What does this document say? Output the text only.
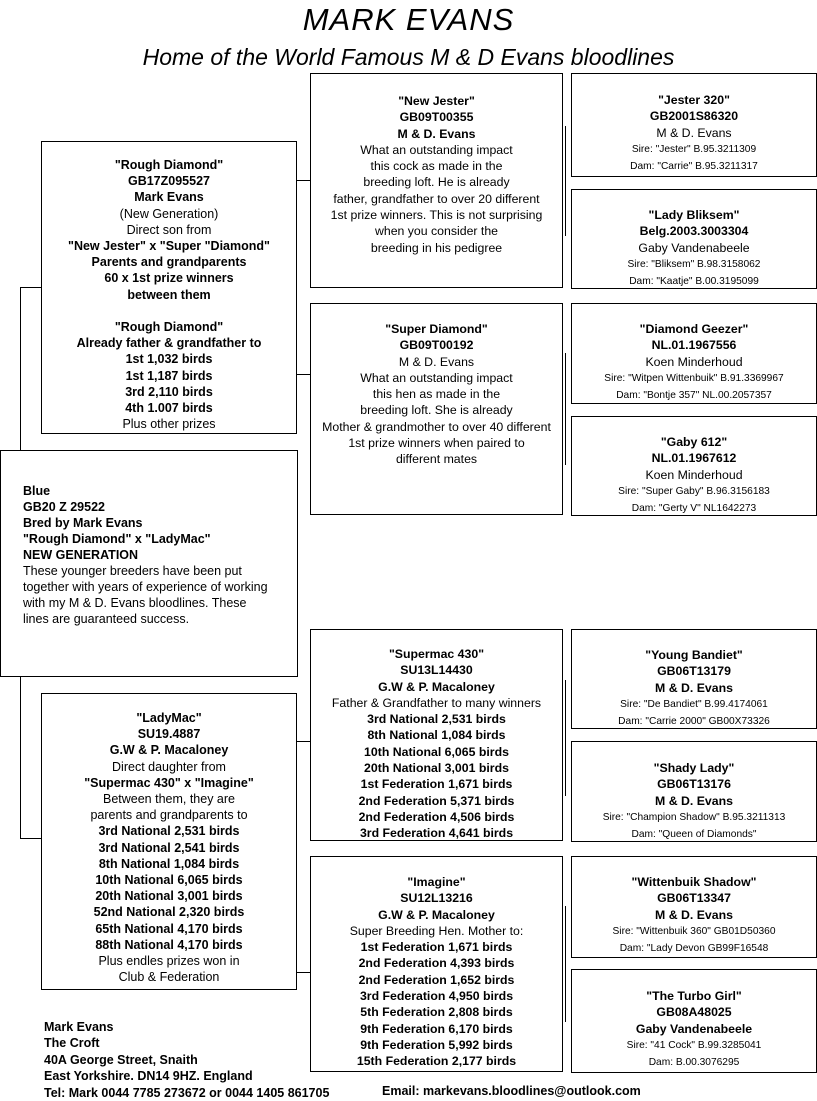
MARK EVANS
Home of the World Famous M & D Evans bloodlines
Blue
GB20 Z 29522
Bred by Mark Evans
"Rough Diamond" x "LadyMac"
NEW GENERATION
These younger breeders have been put
together with years of experience of working
with my M & D. Evans bloodlines. These
lines are guaranteed success.
"Rough Diamond"
GB17Z095527
Mark Evans
(New Generation)
Direct son from
"New Jester" x "Super "Diamond"
Parents and grandparents
60 x 1st prize winners
between them

"Rough Diamond"
Already father & grandfather to
1st 1,032 birds
1st 1,187 birds
3rd 2,110 birds
4th 1.007 birds
Plus other prizes
"LadyMac"
SU19.4887
G.W & P. Macaloney
Direct daughter from
"Supermac 430" x "Imagine"
Between them, they are
parents and grandparents to
3rd National 2,531 birds
3rd National 2,541 birds
8th National 1,084 birds
10th National 6,065 birds
20th National 3,001 birds
52nd National 2,320 birds
65th National 4,170 birds
88th National 4,170 birds
Plus endles prizes won in
Club & Federation
"New Jester"
GB09T00355
M & D. Evans
What an outstanding impact
this cock as made in the
breeding loft. He is already
father, grandfather to over 20 different
1st prize winners. This is not surprising
when you consider the
breeding in his pedigree
"Super Diamond"
GB09T00192
M & D. Evans
What an outstanding impact
this hen as made in the
breeding loft. She is already
Mother & grandmother to over 40 different
1st prize winners when paired to
different mates
"Supermac 430"
SU13L14430
G.W & P. Macaloney
Father & Grandfather to many winners
3rd National 2,531 birds
8th National 1,084 birds
10th National 6,065 birds
20th National 3,001 birds
1st Federation 1,671 birds
2nd Federation 5,371 birds
2nd Federation 4,506 birds
3rd Federation 4,641 birds
"Imagine"
SU12L13216
G.W & P. Macaloney
Super Breeding Hen. Mother to:
1st Federation 1,671 birds
2nd Federation 4,393 birds
2nd Federation 1,652 birds
3rd Federation 4,950 birds
5th Federation 2,808 birds
9th Federation 6,170 birds
9th Federation 5,992 birds
15th Federation 2,177 birds
"Jester 320"
GB2001S86320
M & D. Evans
Sire: "Jester" B.95.3211309
Dam: "Carrie" B.95.3211317
"Lady Bliksem"
Belg.2003.3003304
Gaby Vandenabeele
Sire: "Bliksem" B.98.3158062
Dam: "Kaatje" B.00.3195099
"Diamond Geezer"
NL.01.1967556
Koen Minderhoud
Sire: "Witpen Wittenbuik" B.91.3369967
Dam: "Bontje 357" NL.00.2057357
"Gaby 612"
NL.01.1967612
Koen Minderhoud
Sire: "Super Gaby" B.96.3156183
Dam: "Gerty V" NL1642273
"Young Bandiet"
GB06T13179
M & D. Evans
Sire: "De Bandiet" B.99.4174061
Dam: "Carrie 2000" GB00X73326
"Shady Lady"
GB06T13176
M & D. Evans
Sire: "Champion Shadow" B.95.3211313
Dam: "Queen of Diamonds"
"Wittenbuik Shadow"
GB06T13347
M & D. Evans
Sire: "Wittenbuik 360" GB01D50360
Dam: "Lady Devon GB99F16548
"The Turbo Girl"
GB08A48025
Gaby Vandenabeele
Sire: "41 Cock" B.99.3285041
Dam: B.00.3076295
Mark Evans
The Croft
40A George Street, Snaith
East Yorkshire. DN14 9HZ. England
Tel: Mark 0044 7785 273672 or 0044 1405 861705	Email: markevans.bloodlines@outlook.com
